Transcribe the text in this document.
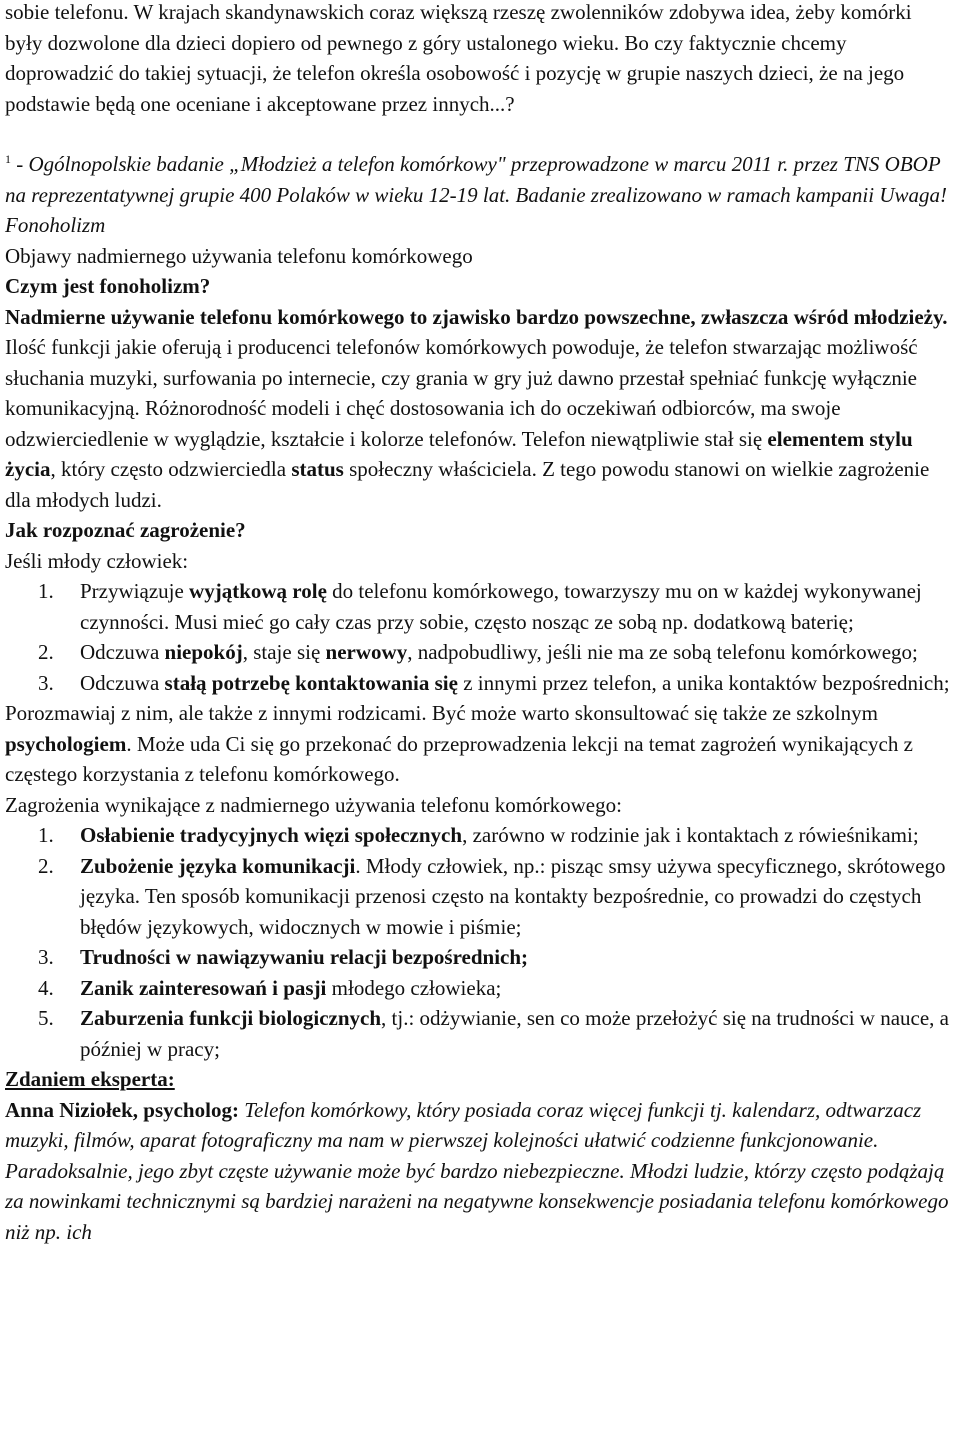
sobie telefonu. W krajach skandynawskich coraz większą rzeszę zwolenników zdobywa idea, żeby komórki były dozwolone dla dzieci dopiero od pewnego z góry ustalonego wieku. Bo czy faktycznie chcemy doprowadzić do takiej sytuacji, że telefon określa osobowość i pozycję w grupie naszych dzieci, że na jego podstawie będą one oceniane i akceptowane przez innych...?

$^1$ - Ogólnopolskie badanie „Młodzież a telefon komórkowy" przeprowadzone w marcu 2011 r. przez TNS OBOP na reprezentatywnej grupie 400 Polaków w wieku 12-19 lat. Badanie zrealizowano w ramach kampanii Uwaga! Fonoholizm

Objawy nadmiernego używania telefonu komórkowego

Czym jest fonoholizm?

Nadmierne używanie telefonu komórkowego to zjawisko bardzo powszechne, zwłaszcza wśród młodzieży. Ilość funkcji jakie oferują i producenci telefonów komórkowych powoduje, że telefon stwarzając możliwość słuchania muzyki, surfowania po internecie, czy grania w gry już dawno przestał spełniać funkcję wyłącznie komunikacyjną. Różnorodność modeli i chęć dostosowania ich do oczekiwań odbiorców, ma swoje odzwierciedlenie w wyglądzie, kształcie i kolorze telefonów. Telefon niewątpliwie stał się elementem stylu życia, który często odzwierciedla status społeczny właściciela. Z tego powodu stanowi on wielkie zagrożenie dla młodych ludzi.

Jak rozpoznać zagrożenie?

Jeśli młody człowiek:

1. Przywiązuje wyjątkową rolę do telefonu komórkowego, towarzyszy mu on w każdej wykonywanej czynności. Musi mieć go cały czas przy sobie, często nosząc ze sobą np. dodatkową baterię;
2. Odczuwa niepokój, staje się nerwowy, nadpobudliwy, jeśli nie ma ze sobą telefonu komórkowego;
3. Odczuwa stałą potrzebę kontaktowania się z innymi przez telefon, a unika kontaktów bezpośrednich;

Porozmawiaj z nim, ale także z innymi rodzicami. Być może warto skonsultować się także ze szkolnym psychologiem. Może uda Ci się go przekonać do przeprowadzenia lekcji na temat zagrożeń wynikających z częstego korzystania z telefonu komórkowego.

Zagrożenia wynikające z nadmiernego używania telefonu komórkowego:

1. Osłabienie tradycyjnych więzi społecznych, zarówno w rodzinie jak i kontaktach z rówieśnikami;
2. Zubożenie języka komunikacji. Młody człowiek, np.: pisząc smsy używa specyficznego, skrótowego języka. Ten sposób komunikacji przenosi często na kontakty bezpośrednie, co prowadzi do częstych błędów językowych, widocznych w mowie i piśmie;
3. Trudności w nawiązywaniu relacji bezpośrednich;
4. Zanik zainteresowań i pasji młodego człowieka;
5. Zaburzenia funkcji biologicznych, tj.: odżywianie, sen co może przełożyć się na trudności w nauce, a później w pracy;

Zdaniem eksperta:

Anna Niziołek, psycholog: Telefon komórkowy, który posiada coraz więcej funkcji tj. kalendarz, odtwarzacz muzyki, filmów, aparat fotograficzny ma nam w pierwszej kolejności ułatwić codzienne funkcjonowanie. Paradoksalnie, jego zbyt częste używanie może być bardzo niebezpieczne. Młodzi ludzie, którzy często podążają za nowinkami technicznymi są bardziej narażeni na negatywne konsekwencje posiadania telefonu komórkowego niż np. ich
